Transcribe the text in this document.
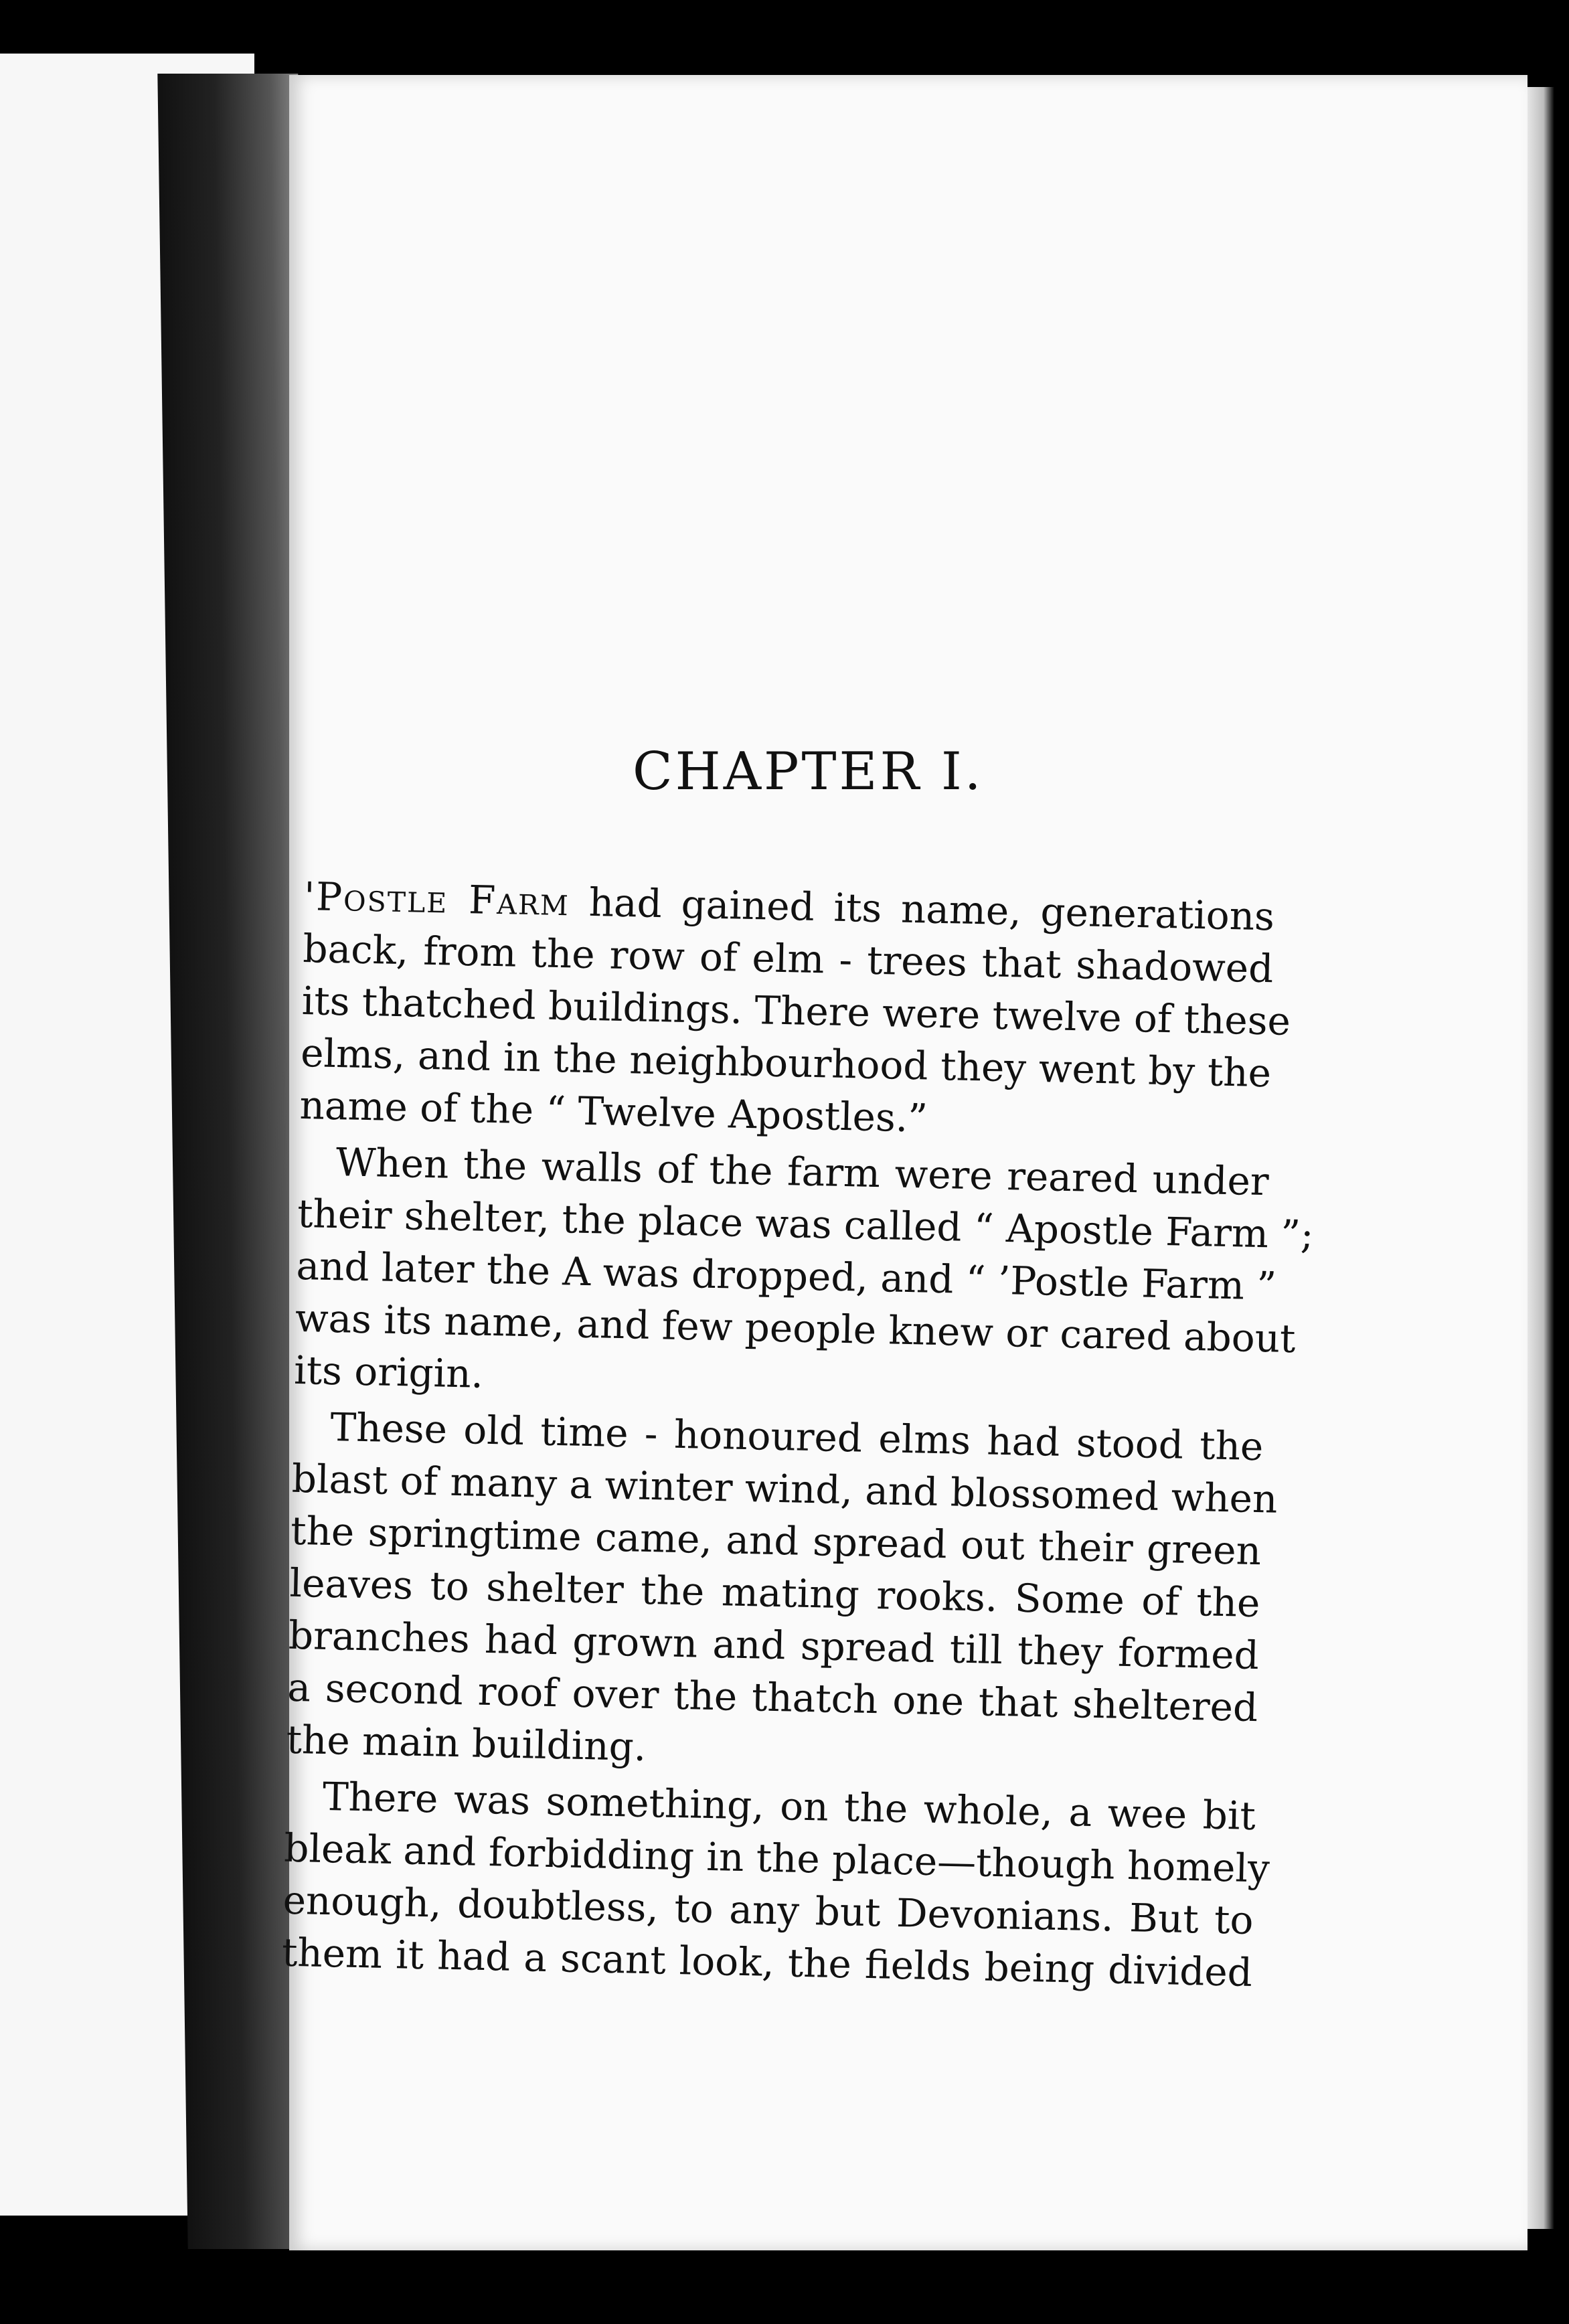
CHAPTER I.
'Postle Farm had gained its name, generations
back, from the row of elm - trees that shadowed
its thatched buildings. There were twelve of these
elms, and in the neighbourhood they went by the
name of the “ Twelve Apostles.”
When the walls of the farm were reared under
their shelter, the place was called “ Apostle Farm ”;
and later the A was dropped, and “ ’Postle Farm ”
was its name, and few people knew or cared about
its origin.
These old time - honoured elms had stood the
blast of many a winter wind, and blossomed when
the springtime came, and spread out their green
leaves to shelter the mating rooks. Some of the
branches had grown and spread till they formed
a second roof over the thatch one that sheltered
the main building.
There was something, on the whole, a wee bit
bleak and forbidding in the place—though homely
enough, doubtless, to any but Devonians. But to
them it had a scant look, the fields being divided
